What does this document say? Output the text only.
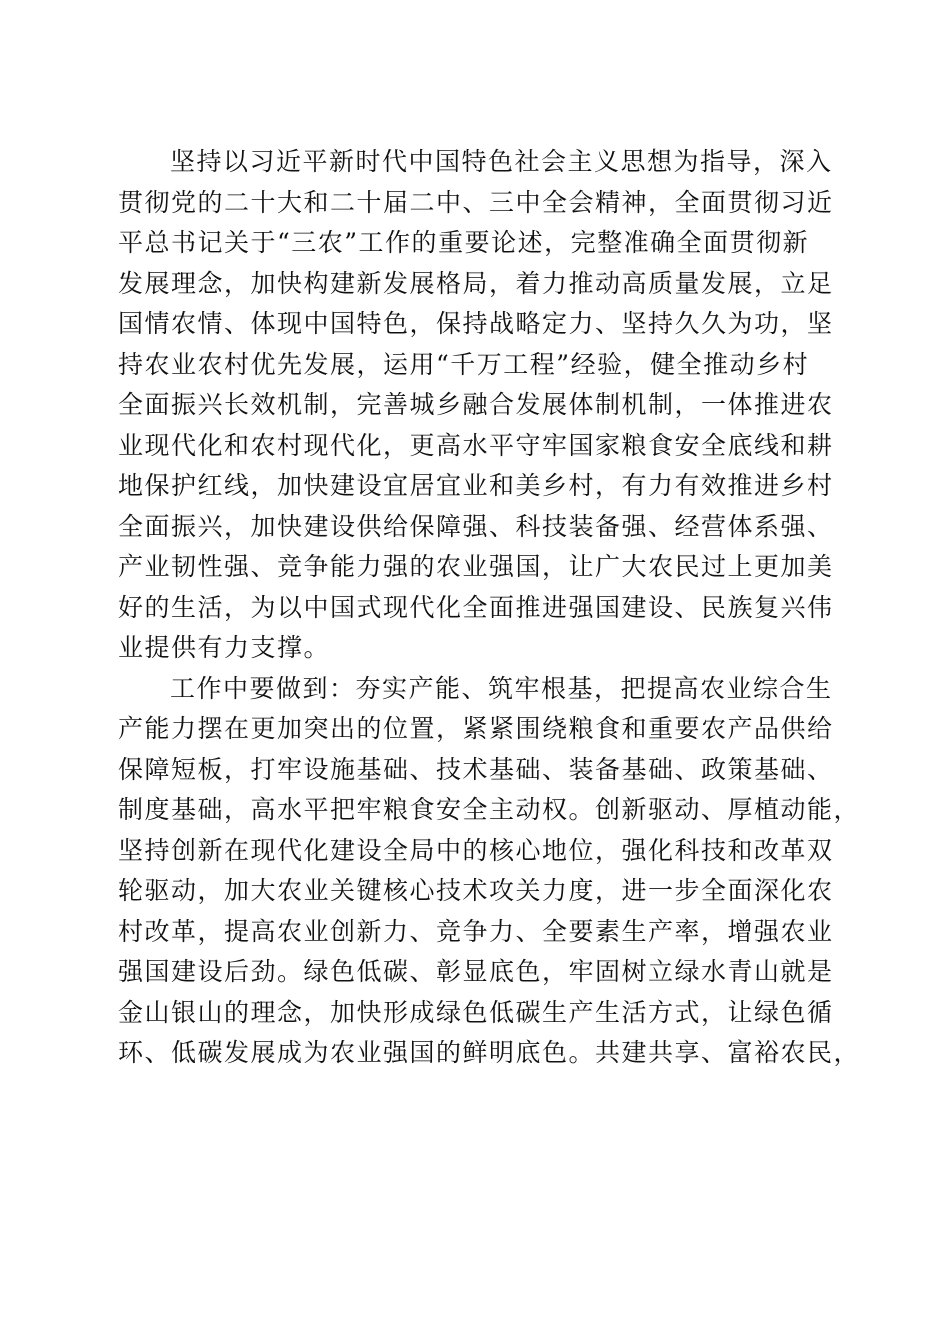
坚持以习近平新时代中国特色社会主义思想为指导，深入
贯彻党的二十大和二十届二中、三中全会精神，全面贯彻习近
平总书记关于“三农”工作的重要论述，完整准确全面贯彻新
发展理念，加快构建新发展格局，着力推动高质量发展，立足
国情农情、体现中国特色，保持战略定力、坚持久久为功，坚
持农业农村优先发展，运用“千万工程”经验，健全推动乡村
全面振兴长效机制，完善城乡融合发展体制机制，一体推进农
业现代化和农村现代化，更高水平守牢国家粮食安全底线和耕
地保护红线，加快建设宜居宜业和美乡村，有力有效推进乡村
全面振兴，加快建设供给保障强、科技装备强、经营体系强、
产业韧性强、竞争能力强的农业强国，让广大农民过上更加美
好的生活，为以中国式现代化全面推进强国建设、民族复兴伟
业提供有力支撑。
工作中要做到：夯实产能、筑牢根基，把提高农业综合生
产能力摆在更加突出的位置，紧紧围绕粮食和重要农产品供给
保障短板，打牢设施基础、技术基础、装备基础、政策基础、
制度基础，高水平把牢粮食安全主动权。创新驱动、厚植动能，
坚持创新在现代化建设全局中的核心地位，强化科技和改革双
轮驱动，加大农业关键核心技术攻关力度，进一步全面深化农
村改革，提高农业创新力、竞争力、全要素生产率，增强农业
强国建设后劲。绿色低碳、彰显底色，牢固树立绿水青山就是
金山银山的理念，加快形成绿色低碳生产生活方式，让绿色循
环、低碳发展成为农业强国的鲜明底色。共建共享、富裕农民，
